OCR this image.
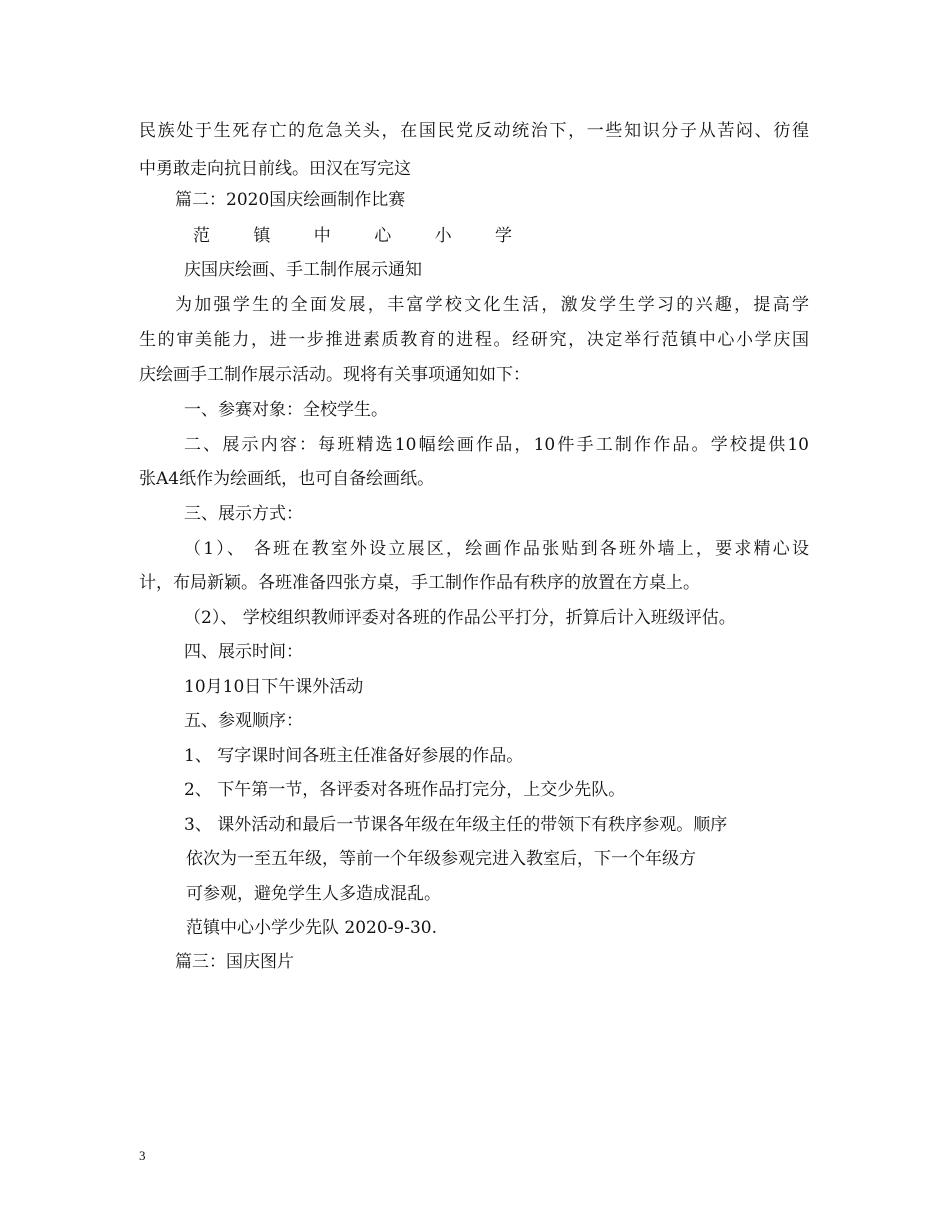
民族处于生死存亡的危急关头，在国民党反动统治下，一些知识分子从苦闷、彷徨
中勇敢走向抗日前线。田汉在写完这
篇二：2020国庆绘画制作比赛
范 镇 中 心 小 学
庆国庆绘画、手工制作展示通知
为加强学生的全面发展，丰富学校文化生活，激发学生学习的兴趣，提高学
生的审美能力，进一步推进素质教育的进程。经研究，决定举行范镇中心小学庆国
庆绘画手工制作展示活动。现将有关事项通知如下：
一、参赛对象：全校学生。
二、展示内容：每班精选10幅绘画作品，10件手工制作作品。学校提供10
张A4纸作为绘画纸，也可自备绘画纸。
三、展示方式：
（1）、 各班在教室外设立展区，绘画作品张贴到各班外墙上，要求精心设
计，布局新颖。各班准备四张方桌，手工制作作品有秩序的放置在方桌上。
（2）、 学校组织教师评委对各班的作品公平打分，折算后计入班级评估。
四、展示时间：
10月10日下午课外活动
五、参观顺序：
1、 写字课时间各班主任准备好参展的作品。
2、 下午第一节，各评委对各班作品打完分，上交少先队。
3、 课外活动和最后一节课各年级在年级主任的带领下有秩序参观。顺序
依次为一至五年级，等前一个年级参观完进入教室后，下一个年级方
可参观，避免学生人多造成混乱。
范镇中心小学少先队 2020-9-30.
篇三：国庆图片
3
